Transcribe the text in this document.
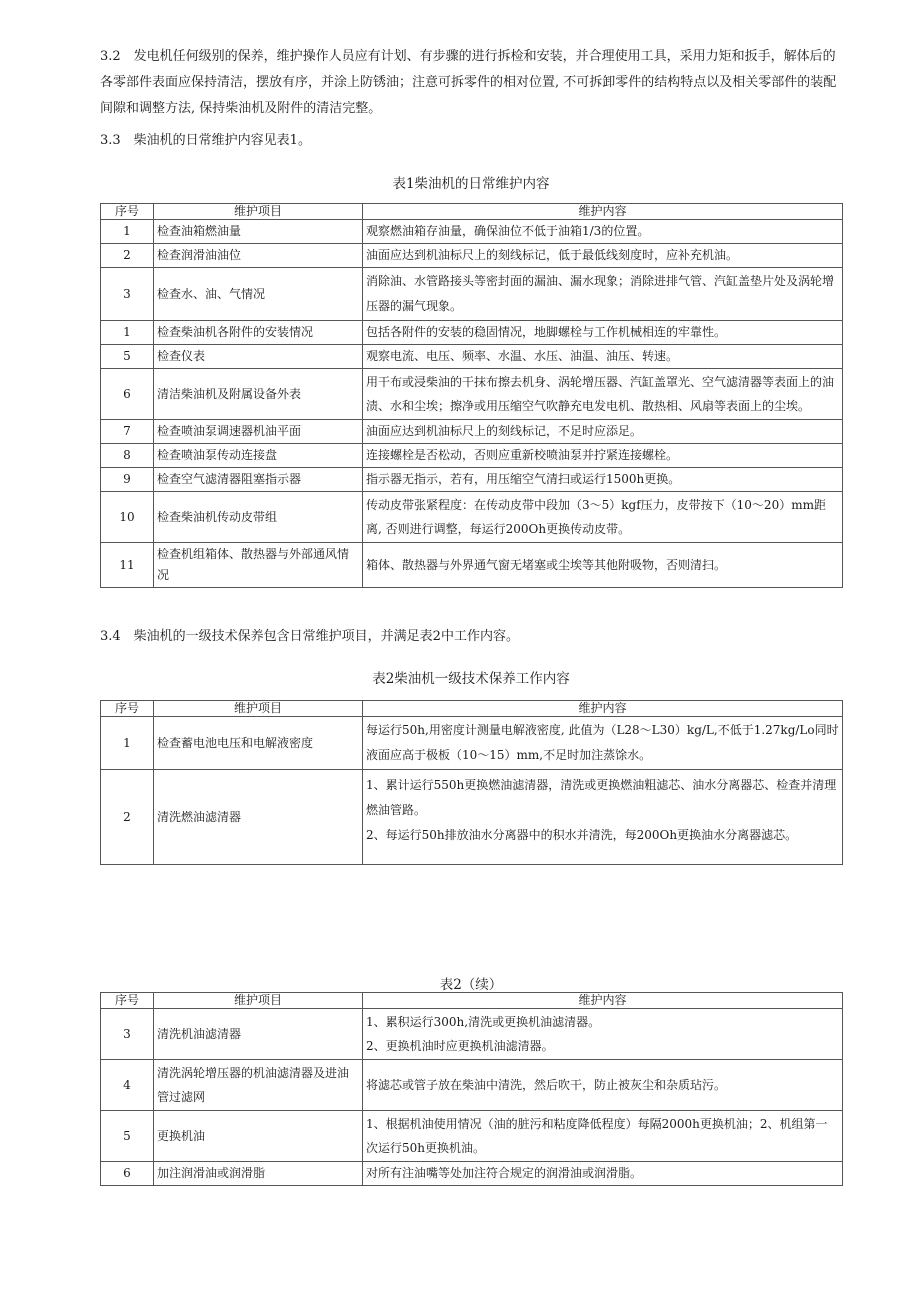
3.2　发电机任何级别的保养，维护操作人员应有计划、有步骤的进行拆检和安装，并合理使用工具，采用力矩和扳手，解体后的各零部件表面应保持清洁，摆放有序，并涂上防锈油；注意可拆零件的相对位置, 不可拆卸零件的结构特点以及相关零部件的装配间隙和调整方法, 保持柴油机及附件的清洁完整。

3.3　柴油机的日常维护内容见表1。

表1柴油机的日常维护内容

序号	维护项目	维护内容
1	检查油箱燃油量	观察燃油箱存油量，确保油位不低于油箱1/3的位置。
2	检查润滑油油位	油面应达到机油标尺上的刻线标记，低于最低线刻度时，应补充机油。
3	检查水、油、气情况	消除油、水管路接头等密封面的漏油、漏水现象；消除进排气管、汽缸盖垫片处及涡轮增压器的漏气现象。
1	检查柴油机各附件的安装情况	包括各附件的安装的稳固情况，地脚螺栓与工作机械相连的牢靠性。
5	检查仪表	观察电流、电压、频率、水温、水压、油温、油压、转速。
6	清洁柴油机及附属设备外表	用干布或浸柴油的干抹布擦去机身、涡轮增压器、汽缸盖罩光、空气滤清器等表面上的油渍、水和尘埃；擦净或用压缩空气吹静充电发电机、散热相、风扇等表面上的尘埃。
7	检查喷油泵调速器机油平面	油面应达到机油标尺上的刻线标记，不足时应添足。
8	检查喷油泵传动连接盘	连接螺栓是否松动，否则应重新校喷油泵并拧紧连接螺栓。
9	检查空气滤清器阻塞指示器	指示器无指示，若有，用压缩空气清扫或运行1500h更换。
10	检查柴油机传动皮带组	传动皮带张紧程度：在传动皮带中段加（3～5）kgf压力，皮带按下（10～20）mm距离, 否则进行调整，每运行200Oh更换传动皮带。
11	检查机组箱体、散热器与外部通风情况	箱体、散热器与外界通气窗无堵塞或尘埃等其他附吸物，否则清扫。

3.4　柴油机的一级技术保养包含日常维护项目，并满足表2中工作内容。

表2柴油机一级技术保养工作内容

序号	维护项目	维护内容
1	检查蓄电池电压和电解液密度	每运行50h,用密度计测量电解液密度, 此值为（L28～L30）kg/L,不低于1.27kg/Lo同时液面应高于极板（10～15）mm,不足时加注蒸馀水。
2	清洗燃油滤清器	1、累计运行550h更换燃油滤清器，清洗或更换燃油粗滤芯、油水分离器芯、检查并清理燃油管路。
2、每运行50h排放油水分离器中的积水并清洗，每200Oh更换油水分离器滤芯。

表2（续）

序号	维护项目	维护内容
3	清洗机油滤清器	1、累积运行300h,清洗或更换机油滤清器。
2、更换机油时应更换机油滤清器。

4	清洗涡轮增压器的机油滤清器及进油管过滤网	将滤芯或管子放在柴油中清洗，然后吹干，防止被灰尘和杂质玷污。
5	更换机油	1、根据机油使用情况（油的脏污和粘度降低程度）每隔2000h更换机油；2、机组第一次运行50h更换机油。
6	加注润滑油或润滑脂	对所有注油嘴等处加注符合规定的润滑油或润滑脂。
